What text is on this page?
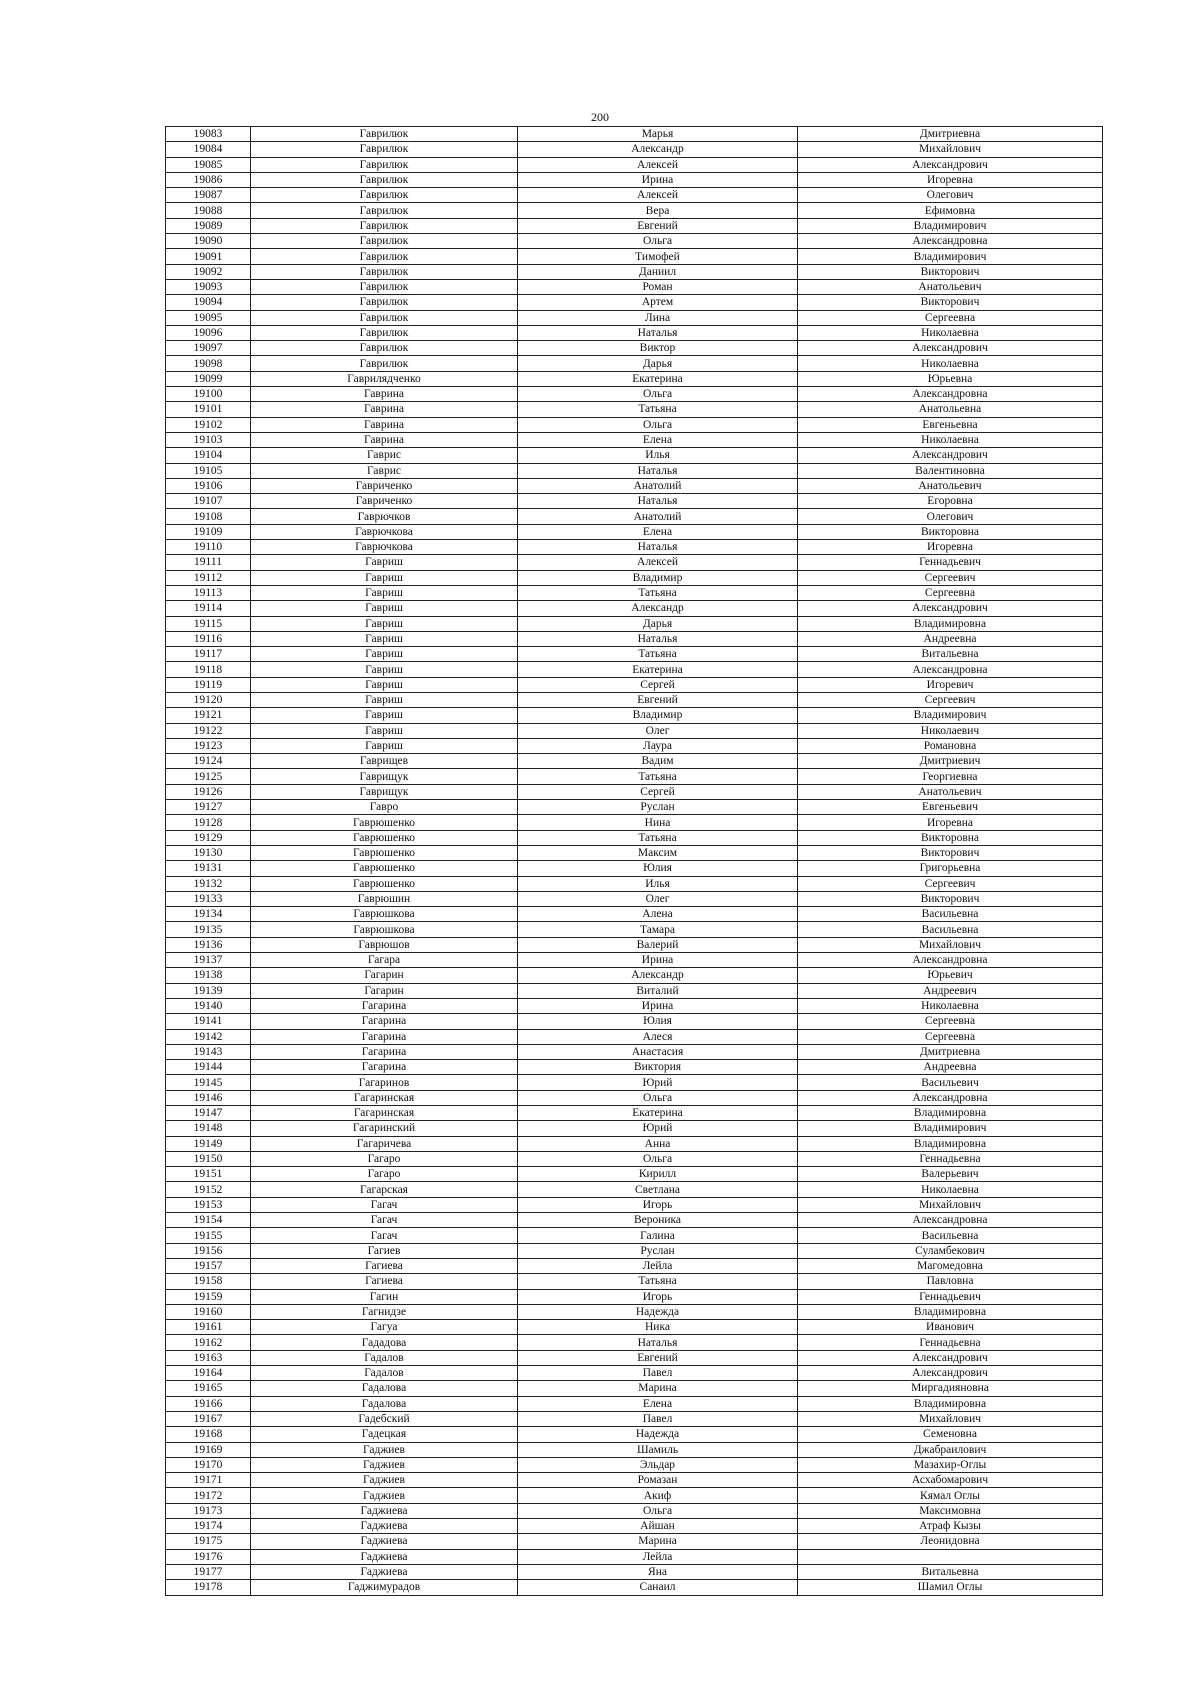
200
19083	Гаврилюк	Марья	Дмитриевна
19084	Гаврилюк	Александр	Михайлович
19085	Гаврилюк	Алексей	Александрович
19086	Гаврилюк	Ирина	Игоревна
19087	Гаврилюк	Алексей	Олегович
19088	Гаврилюк	Вера	Ефимовна
19089	Гаврилюк	Евгений	Владимирович
19090	Гаврилюк	Ольга	Александровна
19091	Гаврилюк	Тимофей	Владимирович
19092	Гаврилюк	Даниил	Викторович
19093	Гаврилюк	Роман	Анатольевич
19094	Гаврилюк	Артем	Викторович
19095	Гаврилюк	Лина	Сергеевна
19096	Гаврилюк	Наталья	Николаевна
19097	Гаврилюк	Виктор	Александрович
19098	Гаврилюк	Дарья	Николаевна
19099	Гаврилядченко	Екатерина	Юрьевна
19100	Гаврина	Ольга	Александровна
19101	Гаврина	Татьяна	Анатольевна
19102	Гаврина	Ольга	Евгеньевна
19103	Гаврина	Елена	Николаевна
19104	Гаврис	Илья	Александрович
19105	Гаврис	Наталья	Валентиновна
19106	Гавриченко	Анатолий	Анатольевич
19107	Гавриченко	Наталья	Егоровна
19108	Гаврючков	Анатолий	Олегович
19109	Гаврючкова	Елена	Викторовна
19110	Гаврючкова	Наталья	Игоревна
19111	Гавриш	Алексей	Геннадьевич
19112	Гавриш	Владимир	Сергеевич
19113	Гавриш	Татьяна	Сергеевна
19114	Гавриш	Александр	Александрович
19115	Гавриш	Дарья	Владимировна
19116	Гавриш	Наталья	Андреевна
19117	Гавриш	Татьяна	Витальевна
19118	Гавриш	Екатерина	Александровна
19119	Гавриш	Сергей	Игоревич
19120	Гавриш	Евгений	Сергеевич
19121	Гавриш	Владимир	Владимирович
19122	Гавриш	Олег	Николаевич
19123	Гавриш	Лаура	Романовна
19124	Гаврищев	Вадим	Дмитриевич
19125	Гаврищук	Татьяна	Георгиевна
19126	Гаврищук	Сергей	Анатольевич
19127	Гавро	Руслан	Евгеньевич
19128	Гаврюшенко	Нина	Игоревна
19129	Гаврюшенко	Татьяна	Викторовна
19130	Гаврюшенко	Максим	Викторович
19131	Гаврюшенко	Юлия	Григорьевна
19132	Гаврюшенко	Илья	Сергеевич
19133	Гаврюшин	Олег	Викторович
19134	Гаврюшкова	Алена	Васильевна
19135	Гаврюшкова	Тамара	Васильевна
19136	Гаврюшов	Валерий	Михайлович
19137	Гагара	Ирина	Александровна
19138	Гагарин	Александр	Юрьевич
19139	Гагарин	Виталий	Андреевич
19140	Гагарина	Ирина	Николаевна
19141	Гагарина	Юлия	Сергеевна
19142	Гагарина	Алеся	Сергеевна
19143	Гагарина	Анастасия	Дмитриевна
19144	Гагарина	Виктория	Андреевна
19145	Гагаринов	Юрий	Васильевич
19146	Гагаринская	Ольга	Александровна
19147	Гагаринская	Екатерина	Владимировна
19148	Гагаринский	Юрий	Владимирович
19149	Гагаричева	Анна	Владимировна
19150	Гагаро	Ольга	Геннадьевна
19151	Гагаро	Кирилл	Валерьевич
19152	Гагарская	Светлана	Николаевна
19153	Гагач	Игорь	Михайлович
19154	Гагач	Вероника	Александровна
19155	Гагач	Галина	Васильевна
19156	Гагиев	Руслан	Суламбекович
19157	Гагиева	Лейла	Магомедовна
19158	Гагиева	Татьяна	Павловна
19159	Гагин	Игорь	Геннадьевич
19160	Гагнидзе	Надежда	Владимировна
19161	Гагуа	Ника	Иванович
19162	Гададова	Наталья	Геннадьевна
19163	Гадалов	Евгений	Александрович
19164	Гадалов	Павел	Александрович
19165	Гадалова	Марина	Миргадияновна
19166	Гадалова	Елена	Владимировна
19167	Гадебский	Павел	Михайлович
19168	Гадецкая	Надежда	Семеновна
19169	Гаджиев	Шамиль	Джабраилович
19170	Гаджиев	Эльдар	Мазахир-Оглы
19171	Гаджиев	Ромазан	Асхабомарович
19172	Гаджиев	Акиф	Кямал Оглы
19173	Гаджиева	Ольга	Максимовна
19174	Гаджиева	Айшан	Атраф Кызы
19175	Гаджиева	Марина	Леонидовна
19176	Гаджиева	Лейла	
19177	Гаджиева	Яна	Витальевна
19178	Гаджимурадов	Санаил	Шамил Оглы
